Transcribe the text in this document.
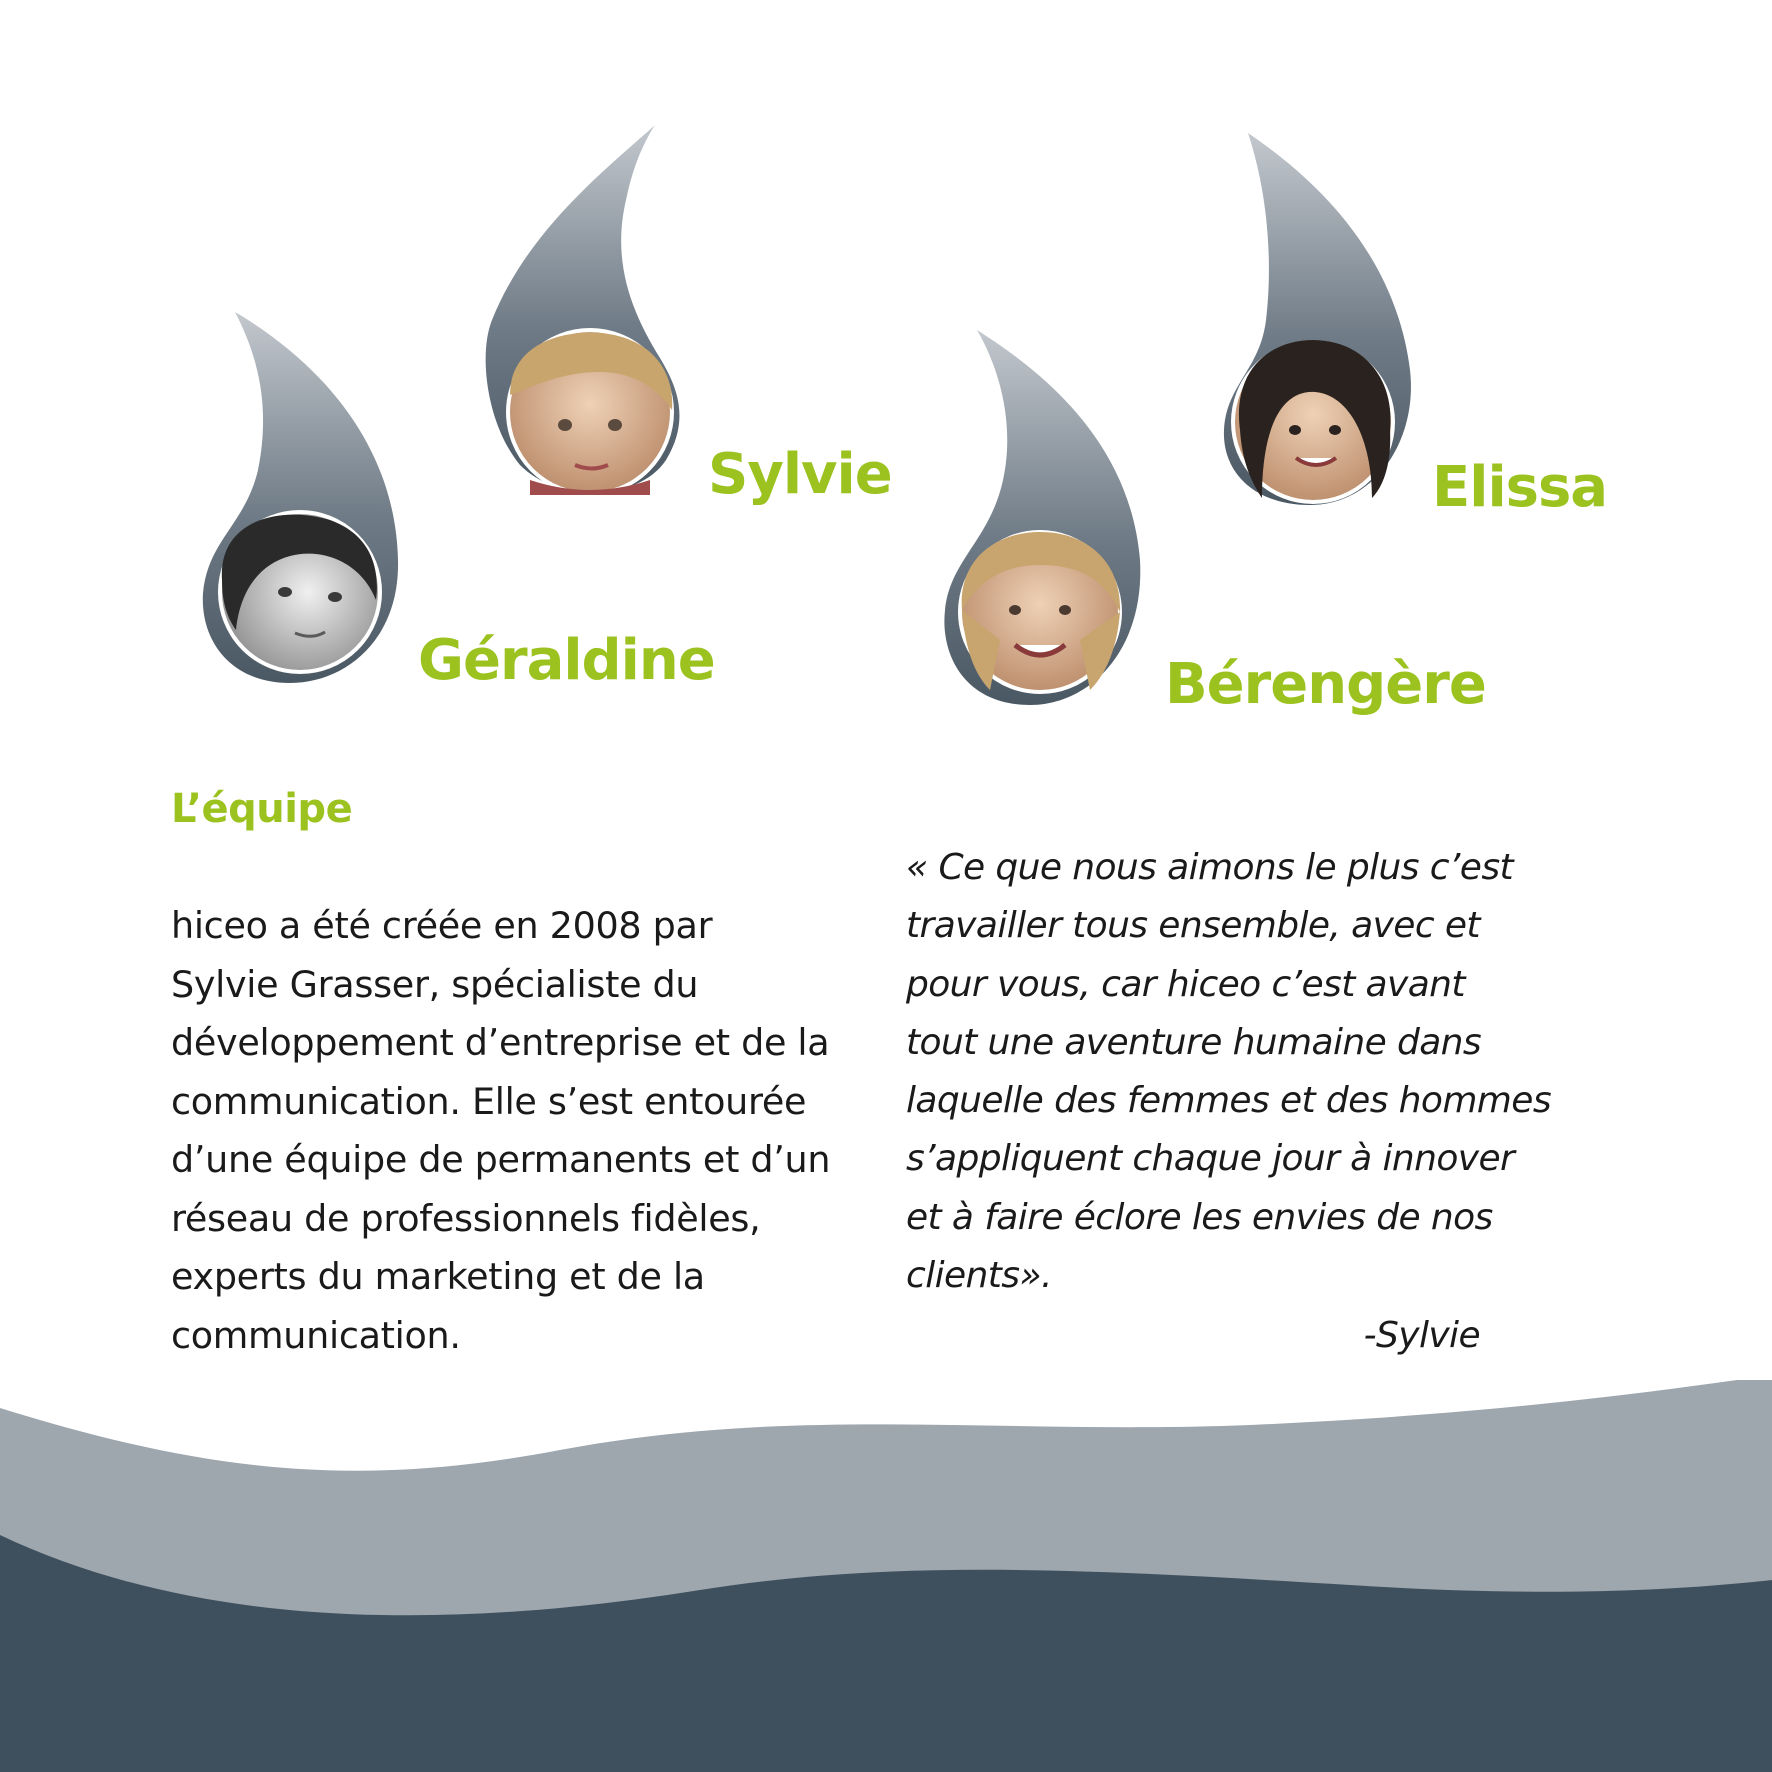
Géraldine
Sylvie
Bérengère
Elissa
L’équipe

hiceo a été créée en 2008 par
Sylvie Grasser, spécialiste du
développement d’entreprise et de la
communication. Elle s’est entourée
d’une équipe de permanents et d’un
réseau de professionnels fidèles,
experts du marketing et de la
communication.

« Ce que nous aimons le plus c’est
travailler tous ensemble, avec et
pour vous, car hiceo c’est avant
tout une aventure humaine dans
laquelle des femmes et des hommes
s’appliquent chaque jour à innover
et à faire éclore les envies de nos
clients».

-Sylvie
